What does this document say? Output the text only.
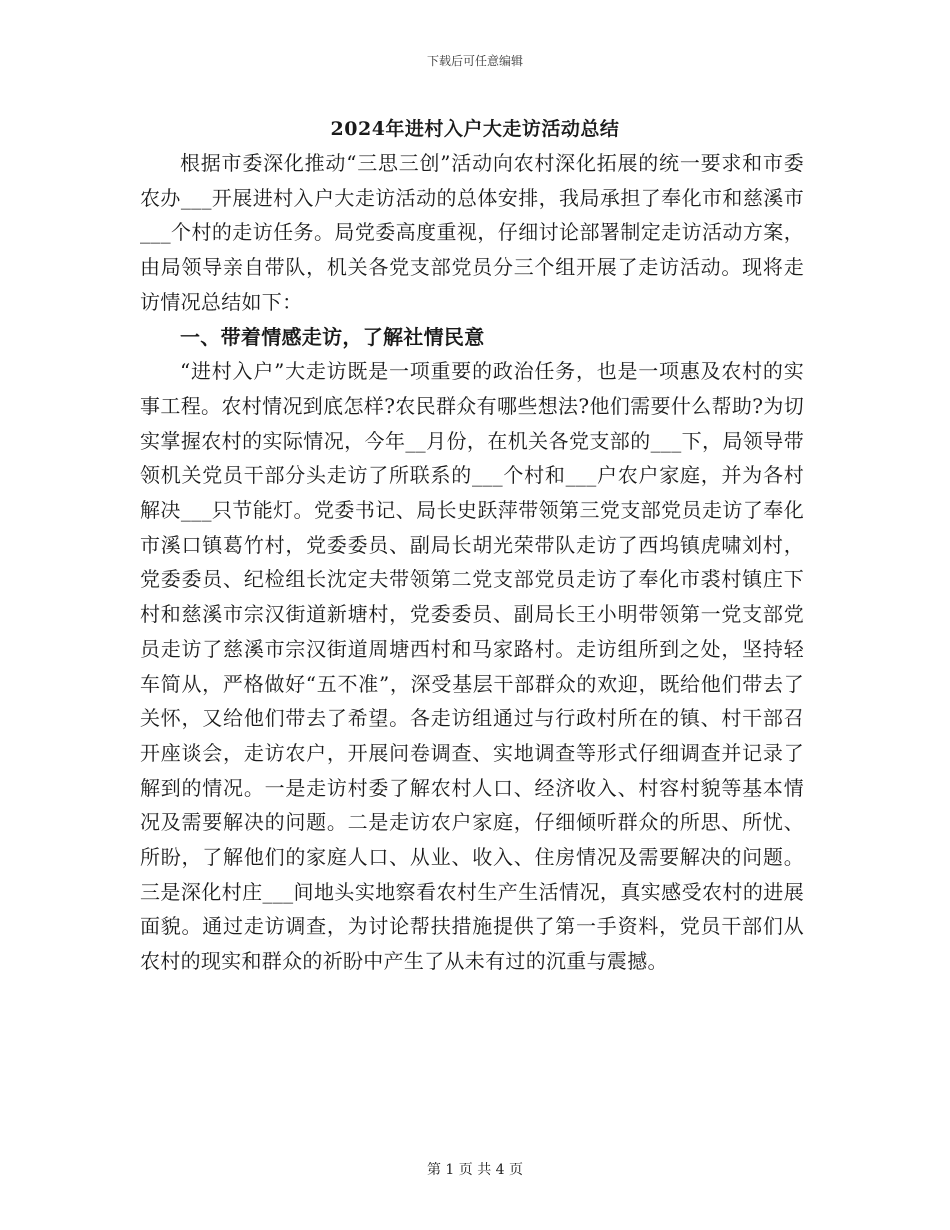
下载后可任意编辑
2024年进村入户大走访活动总结

根据市委深化推动“三思三创”活动向农村深化拓展的统一要求和市委农办___开展进村入户大走访活动的总体安排，我局承担了奉化市和慈溪市___个村的走访任务。局党委高度重视，仔细讨论部署制定走访活动方案，由局领导亲自带队，机关各党支部党员分三个组开展了走访活动。现将走访情况总结如下：

一、带着情感走访，了解社情民意

“进村入户”大走访既是一项重要的政治任务，也是一项惠及农村的实事工程。农村情况到底怎样?农民群众有哪些想法?他们需要什么帮助?为切实掌握农村的实际情况，今年__月份，在机关各党支部的___下，局领导带领机关党员干部分头走访了所联系的___个村和___户农户家庭，并为各村解决___只节能灯。党委书记、局长史跃萍带领第三党支部党员走访了奉化市溪口镇葛竹村，党委委员、副局长胡光荣带队走访了西坞镇虎啸刘村，党委委员、纪检组长沈定夫带领第二党支部党员走访了奉化市裘村镇庄下村和慈溪市宗汉街道新塘村，党委委员、副局长王小明带领第一党支部党员走访了慈溪市宗汉街道周塘西村和马家路村。走访组所到之处，坚持轻车简从，严格做好“五不准”，深受基层干部群众的欢迎，既给他们带去了关怀，又给他们带去了希望。各走访组通过与行政村所在的镇、村干部召开座谈会，走访农户，开展问卷调查、实地调查等形式仔细调查并记录了解到的情况。一是走访村委了解农村人口、经济收入、村容村貌等基本情况及需要解决的问题。二是走访农户家庭，仔细倾听群众的所思、所忧、所盼，了解他们的家庭人口、从业、收入、住房情况及需要解决的问题。三是深化村庄___间地头实地察看农村生产生活情况，真实感受农村的进展面貌。通过走访调查，为讨论帮扶措施提供了第一手资料，党员干部们从农村的现实和群众的祈盼中产生了从未有过的沉重与震撼。

第 1 页 共 4 页
